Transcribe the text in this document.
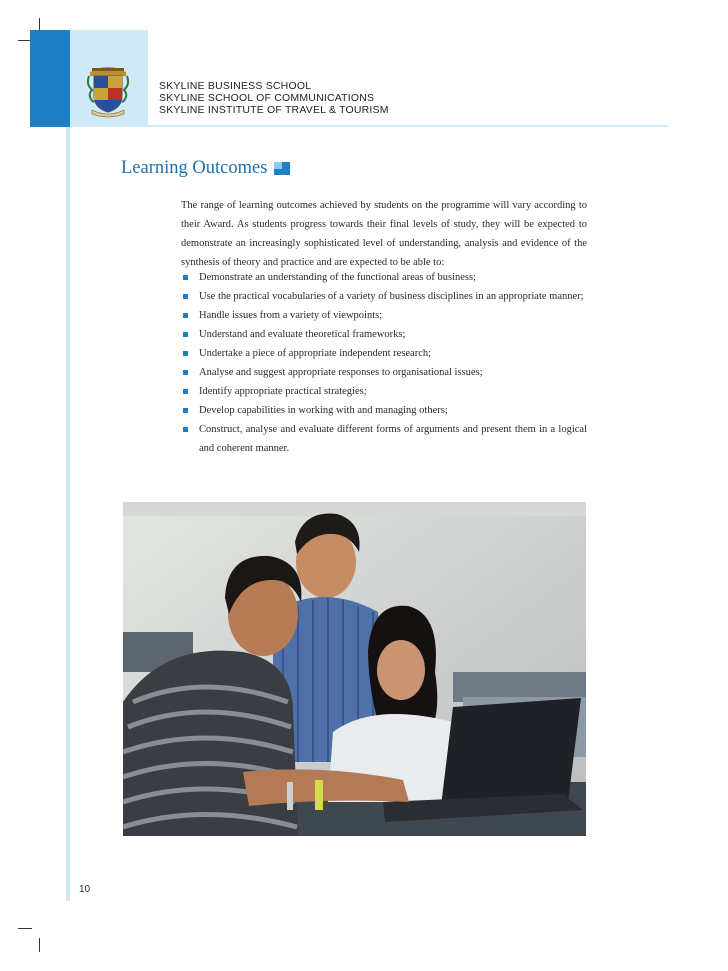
SKYLINE BUSINESS SCHOOL
SKYLINE SCHOOL OF COMMUNICATIONS
SKYLINE INSTITUTE OF TRAVEL & TOURISM
Learning Outcomes

The range of learning outcomes achieved by students on the programme will vary according to their Award. As students progress towards their final levels of study, they will be expected to demonstrate an increasingly sophisticated level of understanding, analysis and evidence of the synthesis of theory and practice and are expected to be able to:

Demonstrate an understanding of the functional areas of business;
Use the practical vocabularies of a variety of business disciplines in an appropriate manner;
Handle issues from a variety of viewpoints;
Understand and evaluate theoretical frameworks;
Undertake a piece of appropriate independent research;
Analyse and suggest appropriate responses to organisational issues;
Identify appropriate practical strategies;
Develop capabilities in working with and managing others;
Construct, analyse and evaluate different forms of arguments and present them in a logical and coherent manner.
10
